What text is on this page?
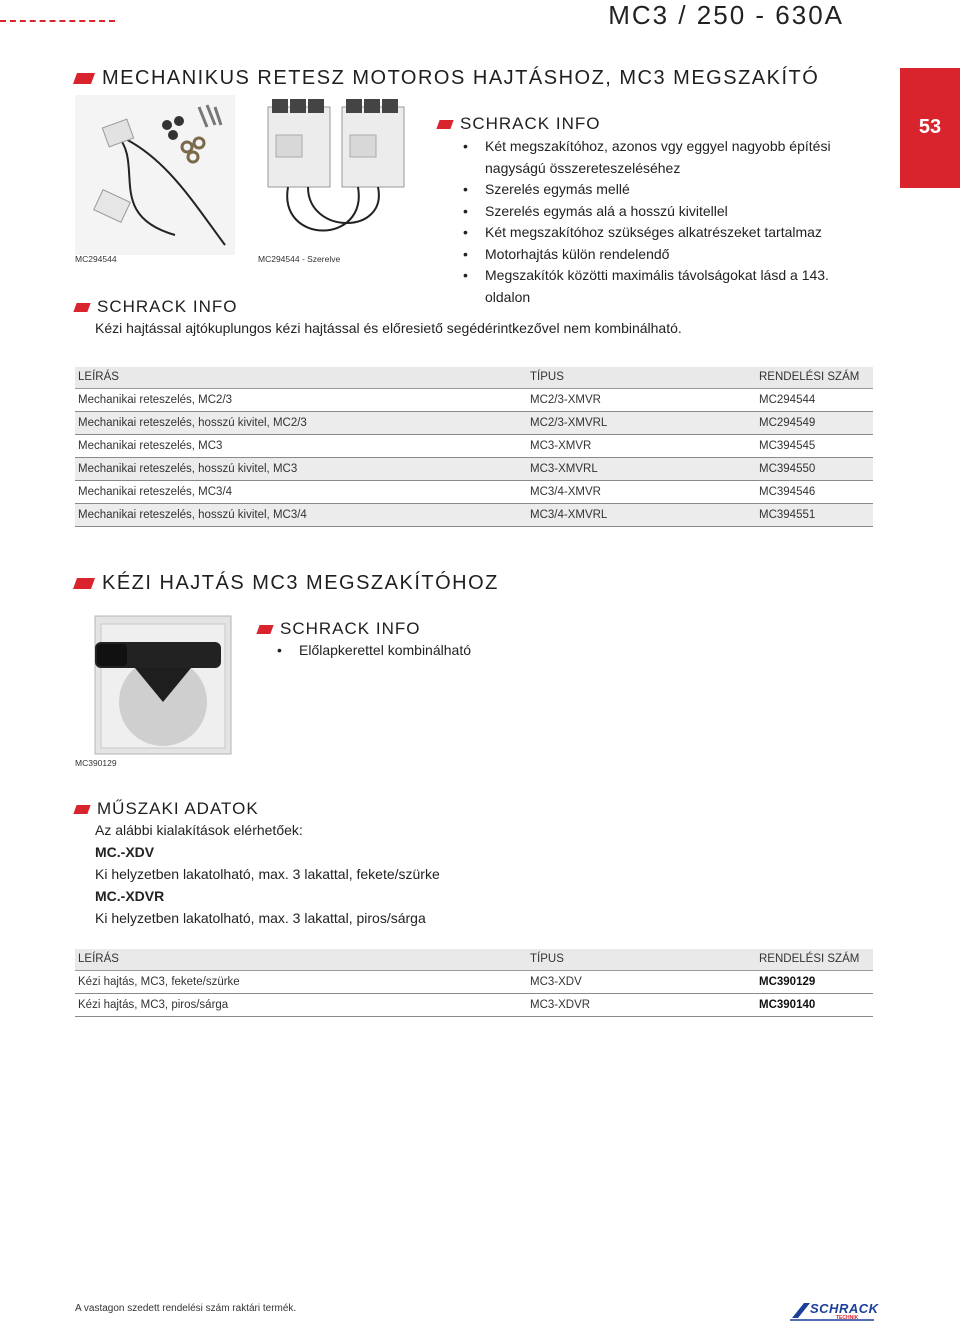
MC3 / 250 - 630A
53
MECHANIKUS RETESZ MOTOROS HAJTÁSHOZ, MC3 MEGSZAKÍTÓ
MC294544	MC294544 - Szerelve
SCHRACK INFO
• Két megszakítóhoz, azonos vgy eggyel nagyobb építési nagyságú összereteszeléséhez
• Szerelés egymás mellé
• Szerelés egymás alá a hosszú kivitellel
• Két megszakítóhoz szükséges alkatrészeket tartalmaz
• Motorhajtás külön rendelendő
• Megszakítók közötti maximális távolságokat lásd a 143. oldalon
SCHRACK INFO
Kézi hajtással ajtókuplungos kézi hajtással és előresiető segédérintkezővel nem kombinálható.
LEÍRÁS	TÍPUS	RENDELÉSI SZÁM
Mechanikai reteszelés, MC2/3	MC2/3-XMVR	MC294544
Mechanikai reteszelés, hosszú kivitel, MC2/3	MC2/3-XMVRL	MC294549
Mechanikai reteszelés, MC3	MC3-XMVR	MC394545
Mechanikai reteszelés, hosszú kivitel, MC3	MC3-XMVRL	MC394550
Mechanikai reteszelés, MC3/4	MC3/4-XMVR	MC394546
Mechanikai reteszelés, hosszú kivitel, MC3/4	MC3/4-XMVRL	MC394551
KÉZI HAJTÁS MC3 MEGSZAKÍTÓHOZ
MC390129
SCHRACK INFO
• Előlapkerettel kombinálható
MŰSZAKI ADATOK
Az alábbi kialakítások elérhetőek:
MC.-XDV
Ki helyzetben lakatolható, max. 3 lakattal, fekete/szürke
MC.-XDVR
Ki helyzetben lakatolható, max. 3 lakattal, piros/sárga
LEÍRÁS	TÍPUS	RENDELÉSI SZÁM
Kézi hajtás, MC3, fekete/szürke	MC3-XDV	MC390129
Kézi hajtás, MC3, piros/sárga	MC3-XDVR	MC390140
A vastagon szedett rendelési szám raktári termék.	SCHRACK
TECHNIK
